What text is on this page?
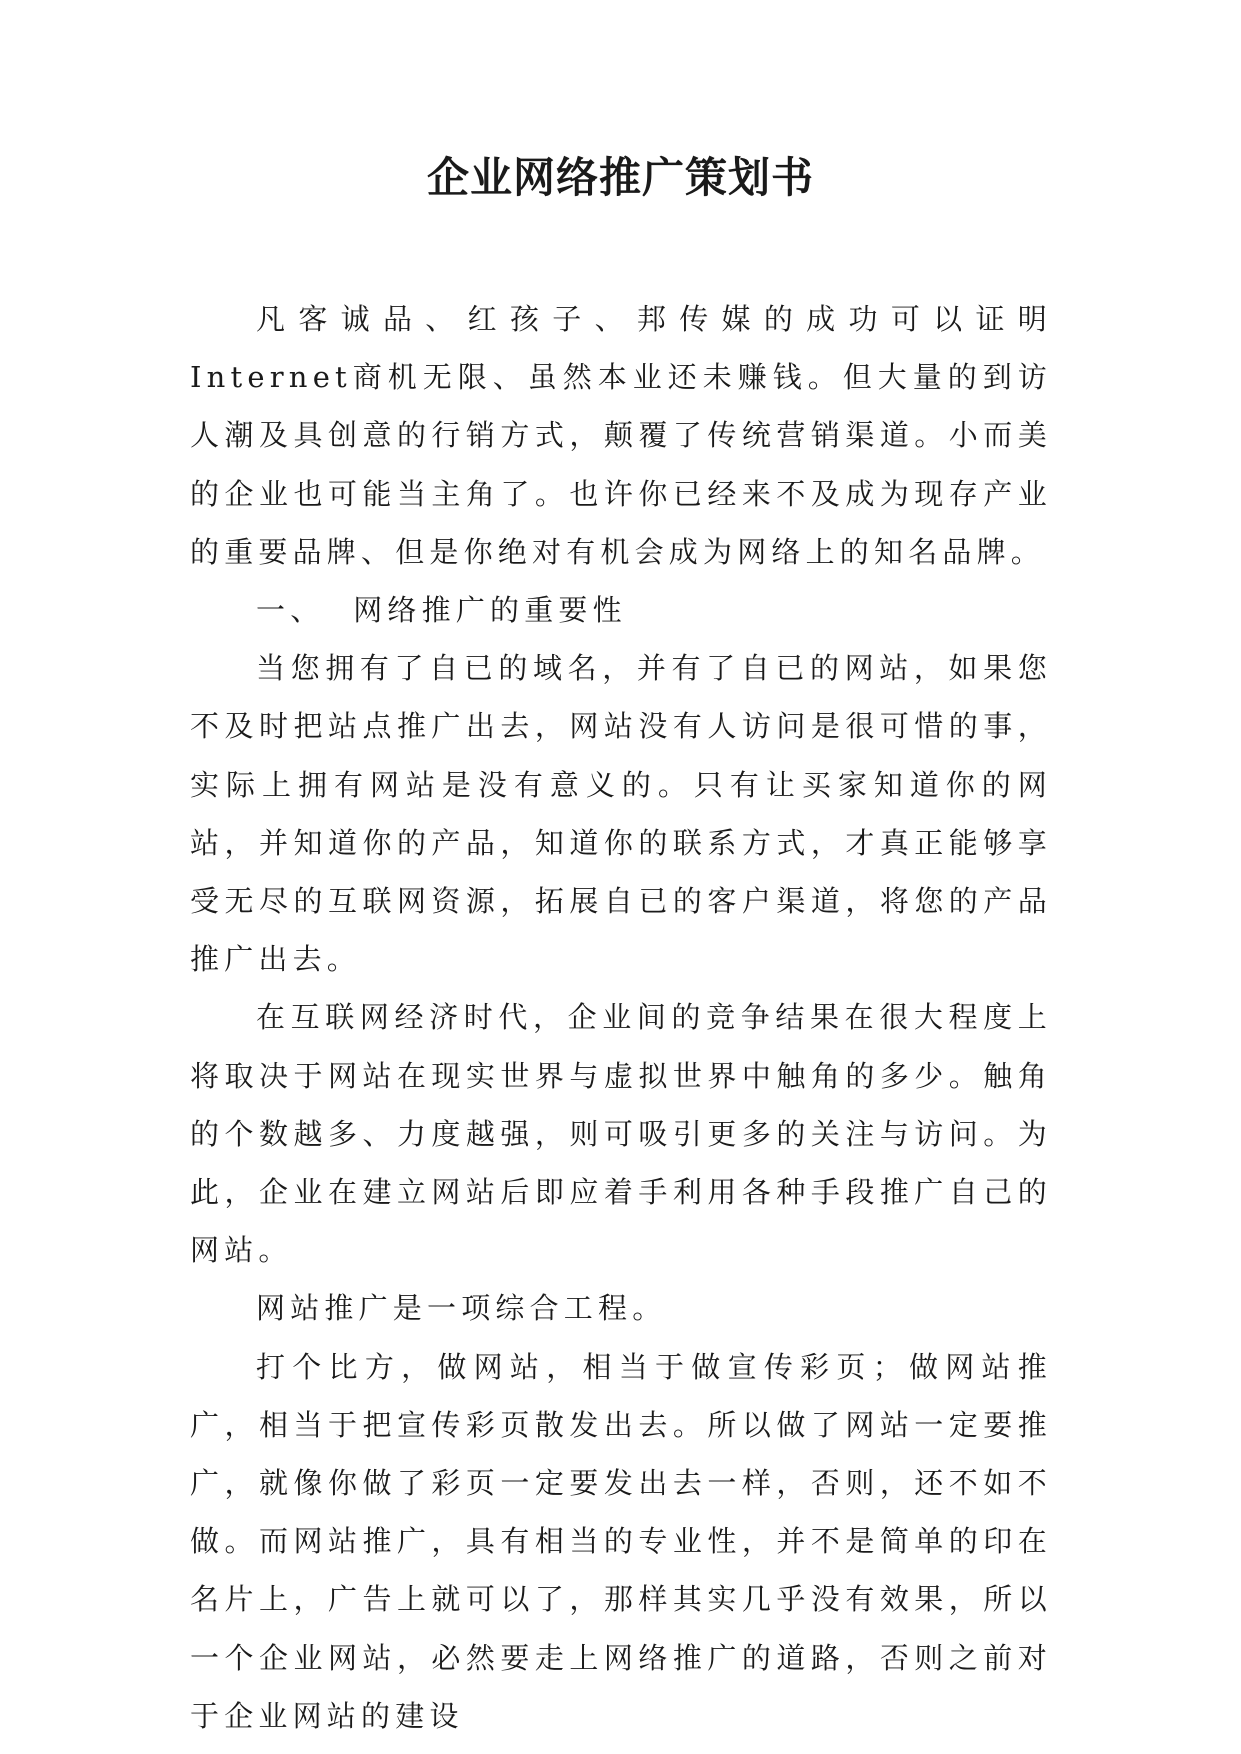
企业网络推广策划书

凡客诚品、红孩子、邦传媒的成功可以证明Internet商机无限、虽然本业还未赚钱。但大量的到访人潮及具创意的行销方式，颠覆了传统营销渠道。小而美的企业也可能当主角了。也许你已经来不及成为现存产业的重要品牌、但是你绝对有机会成为网络上的知名品牌。

一、  网络推广的重要性

当您拥有了自已的域名，并有了自已的网站，如果您不及时把站点推广出去，网站没有人访问是很可惜的事，实际上拥有网站是没有意义的。只有让买家知道你的网站，并知道你的产品，知道你的联系方式，才真正能够享受无尽的互联网资源，拓展自已的客户渠道，将您的产品推广出去。

在互联网经济时代，企业间的竞争结果在很大程度上将取决于网站在现实世界与虚拟世界中触角的多少。触角的个数越多、力度越强，则可吸引更多的关注与访问。为此，企业在建立网站后即应着手利用各种手段推广自己的网站。

网站推广是一项综合工程。

打个比方，做网站，相当于做宣传彩页；做网站推广，相当于把宣传彩页散发出去。所以做了网站一定要推广，就像你做了彩页一定要发出去一样，否则，还不如不做。而网站推广，具有相当的专业性，并不是简单的印在名片上，广告上就可以了，那样其实几乎没有效果，所以一个企业网站，必然要走上网络推广的道路，否则之前对于企业网站的建设
